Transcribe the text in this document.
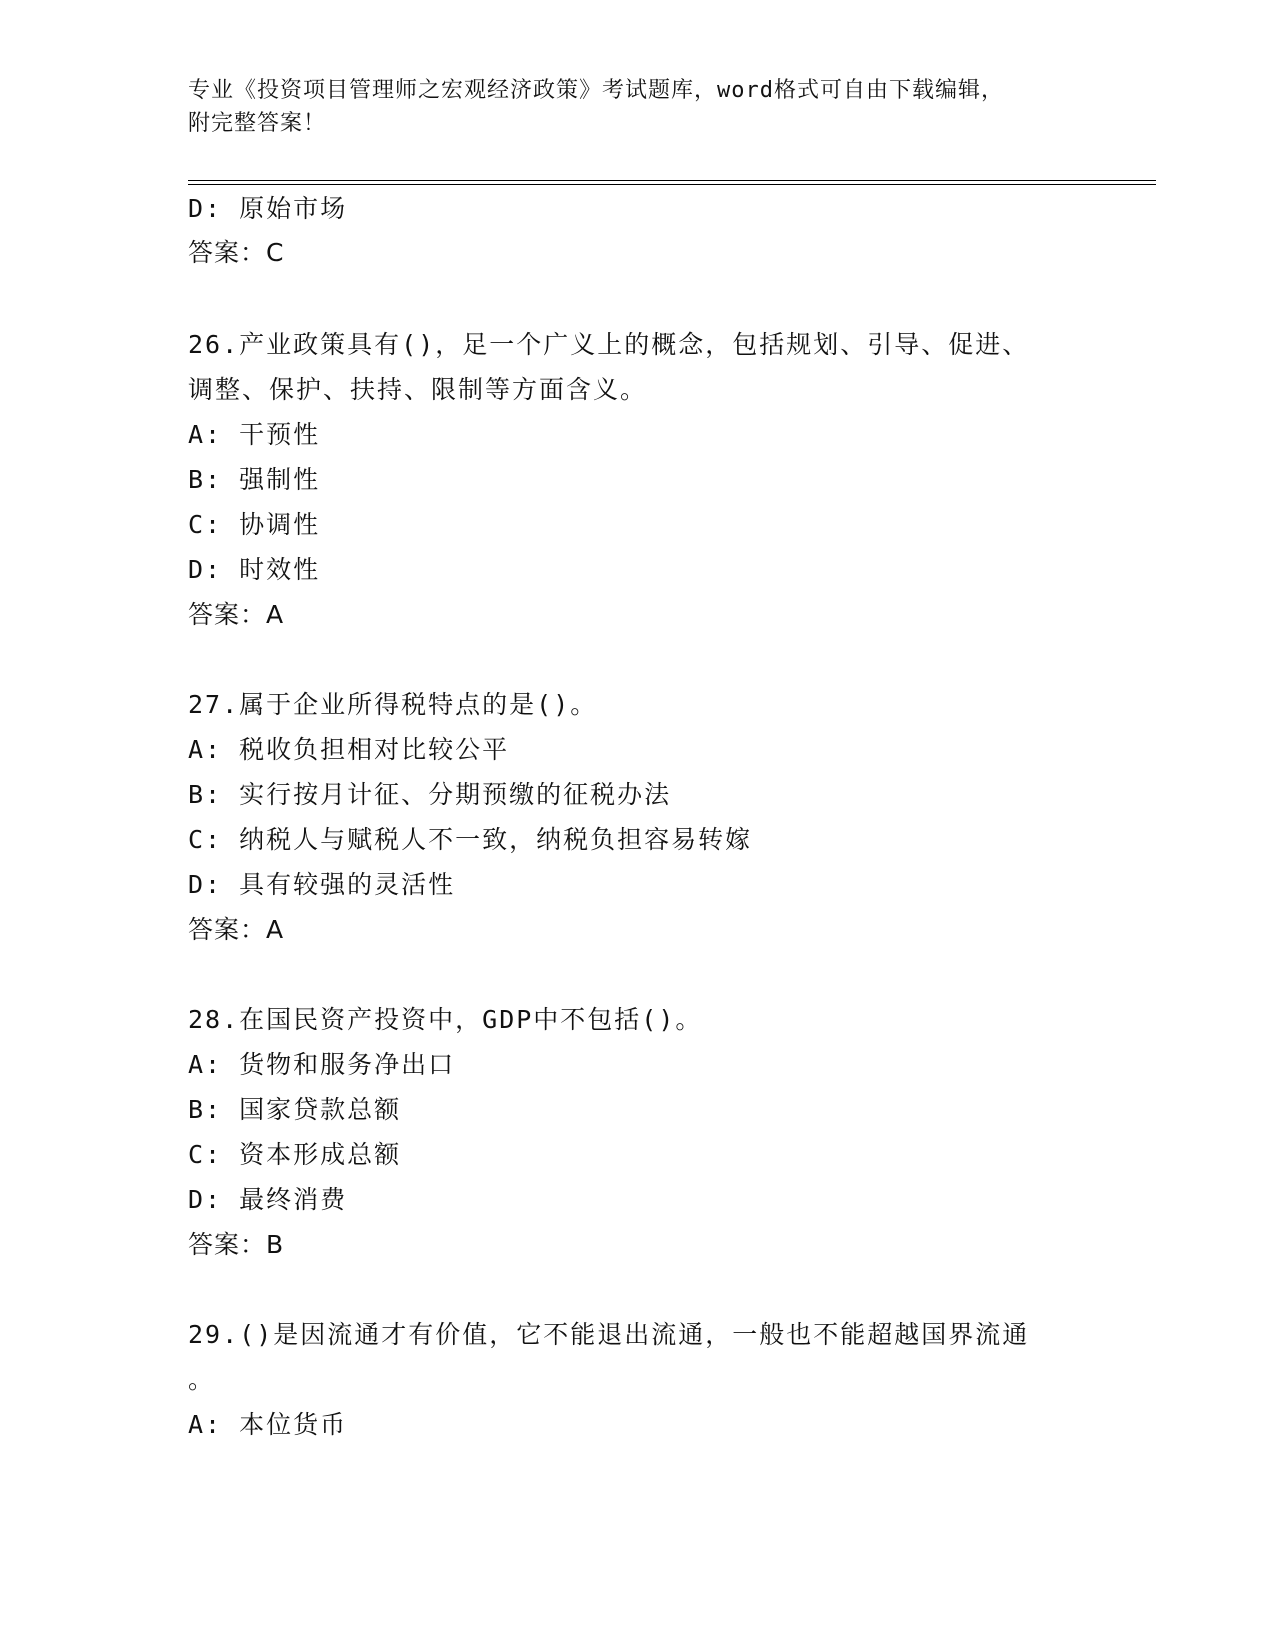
专业《投资项目管理师之宏观经济政策》考试题库，word格式可自由下载编辑，
附完整答案！
D: 原始市场
答案：C
26.产业政策具有()，足一个广义上的概念，包括规划、引导、促进、
调整、保护、扶持、限制等方面含义。
A: 干预性
B: 强制性
C: 协调性
D: 时效性
答案：A
27.属于企业所得税特点的是()。
A: 税收负担相对比较公平
B: 实行按月计征、分期预缴的征税办法
C: 纳税人与赋税人不一致，纳税负担容易转嫁
D: 具有较强的灵活性
答案：A
28.在国民资产投资中，GDP中不包括()。
A: 货物和服务净出口
B: 国家贷款总额
C: 资本形成总额
D: 最终消费
答案：B
29.()是因流通才有价值，它不能退出流通，一般也不能超越国界流通
。
A: 本位货币
